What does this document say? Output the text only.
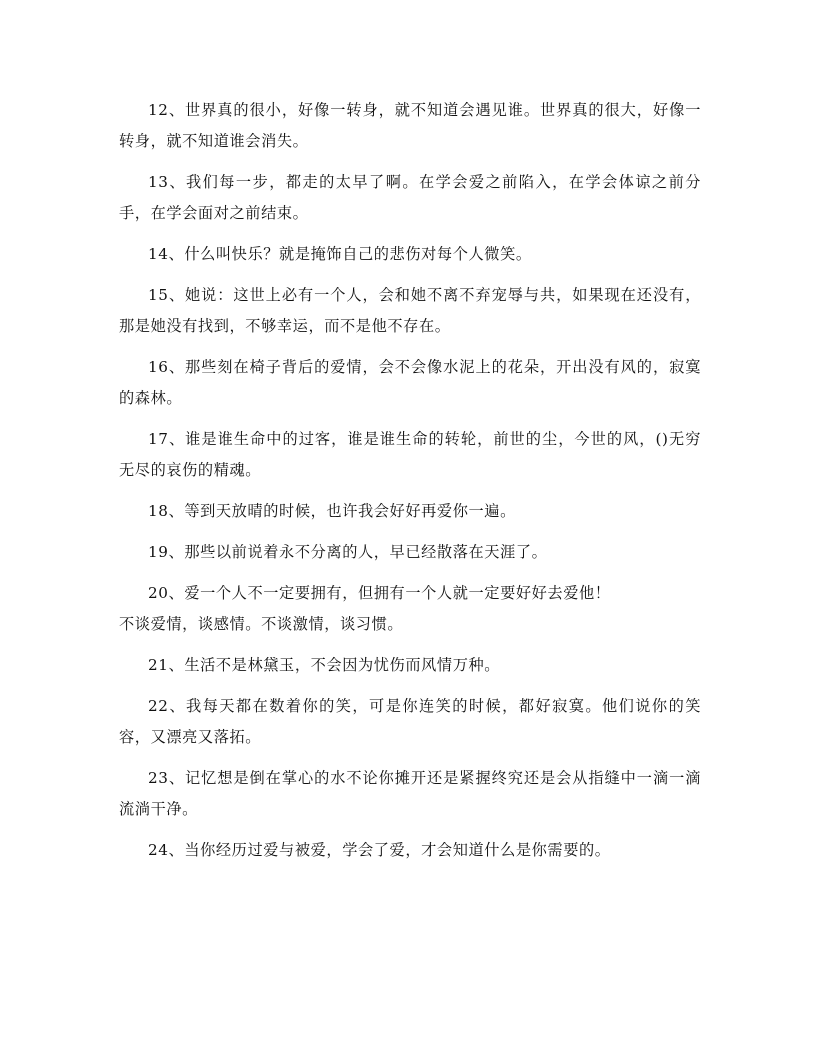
12、世界真的很小，好像一转身，就不知道会遇见谁。世界真的很大，好像一转身，就不知道谁会消失。

13、我们每一步，都走的太早了啊。在学会爱之前陷入，在学会体谅之前分手，在学会面对之前结束。

14、什么叫快乐？就是掩饰自己的悲伤对每个人微笑。

15、她说：这世上必有一个人，会和她不离不弃宠辱与共，如果现在还没有，那是她没有找到，不够幸运，而不是他不存在。

16、那些刻在椅子背后的爱情，会不会像水泥上的花朵，开出没有风的，寂寞的森林。

17、谁是谁生命中的过客，谁是谁生命的转轮，前世的尘，今世的风，()无穷无尽的哀伤的精魂。

18、等到天放晴的时候，也许我会好好再爱你一遍。

19、那些以前说着永不分离的人，早已经散落在天涯了。

20、爱一个人不一定要拥有，但拥有一个人就一定要好好去爱他！

不谈爱情，谈感情。不谈激情，谈习惯。

21、生活不是林黛玉，不会因为忧伤而风情万种。

22、我每天都在数着你的笑，可是你连笑的时候，都好寂寞。他们说你的笑容，又漂亮又落拓。

23、记忆想是倒在掌心的水不论你摊开还是紧握终究还是会从指缝中一滴一滴流淌干净。

24、当你经历过爱与被爱，学会了爱，才会知道什么是你需要的。
